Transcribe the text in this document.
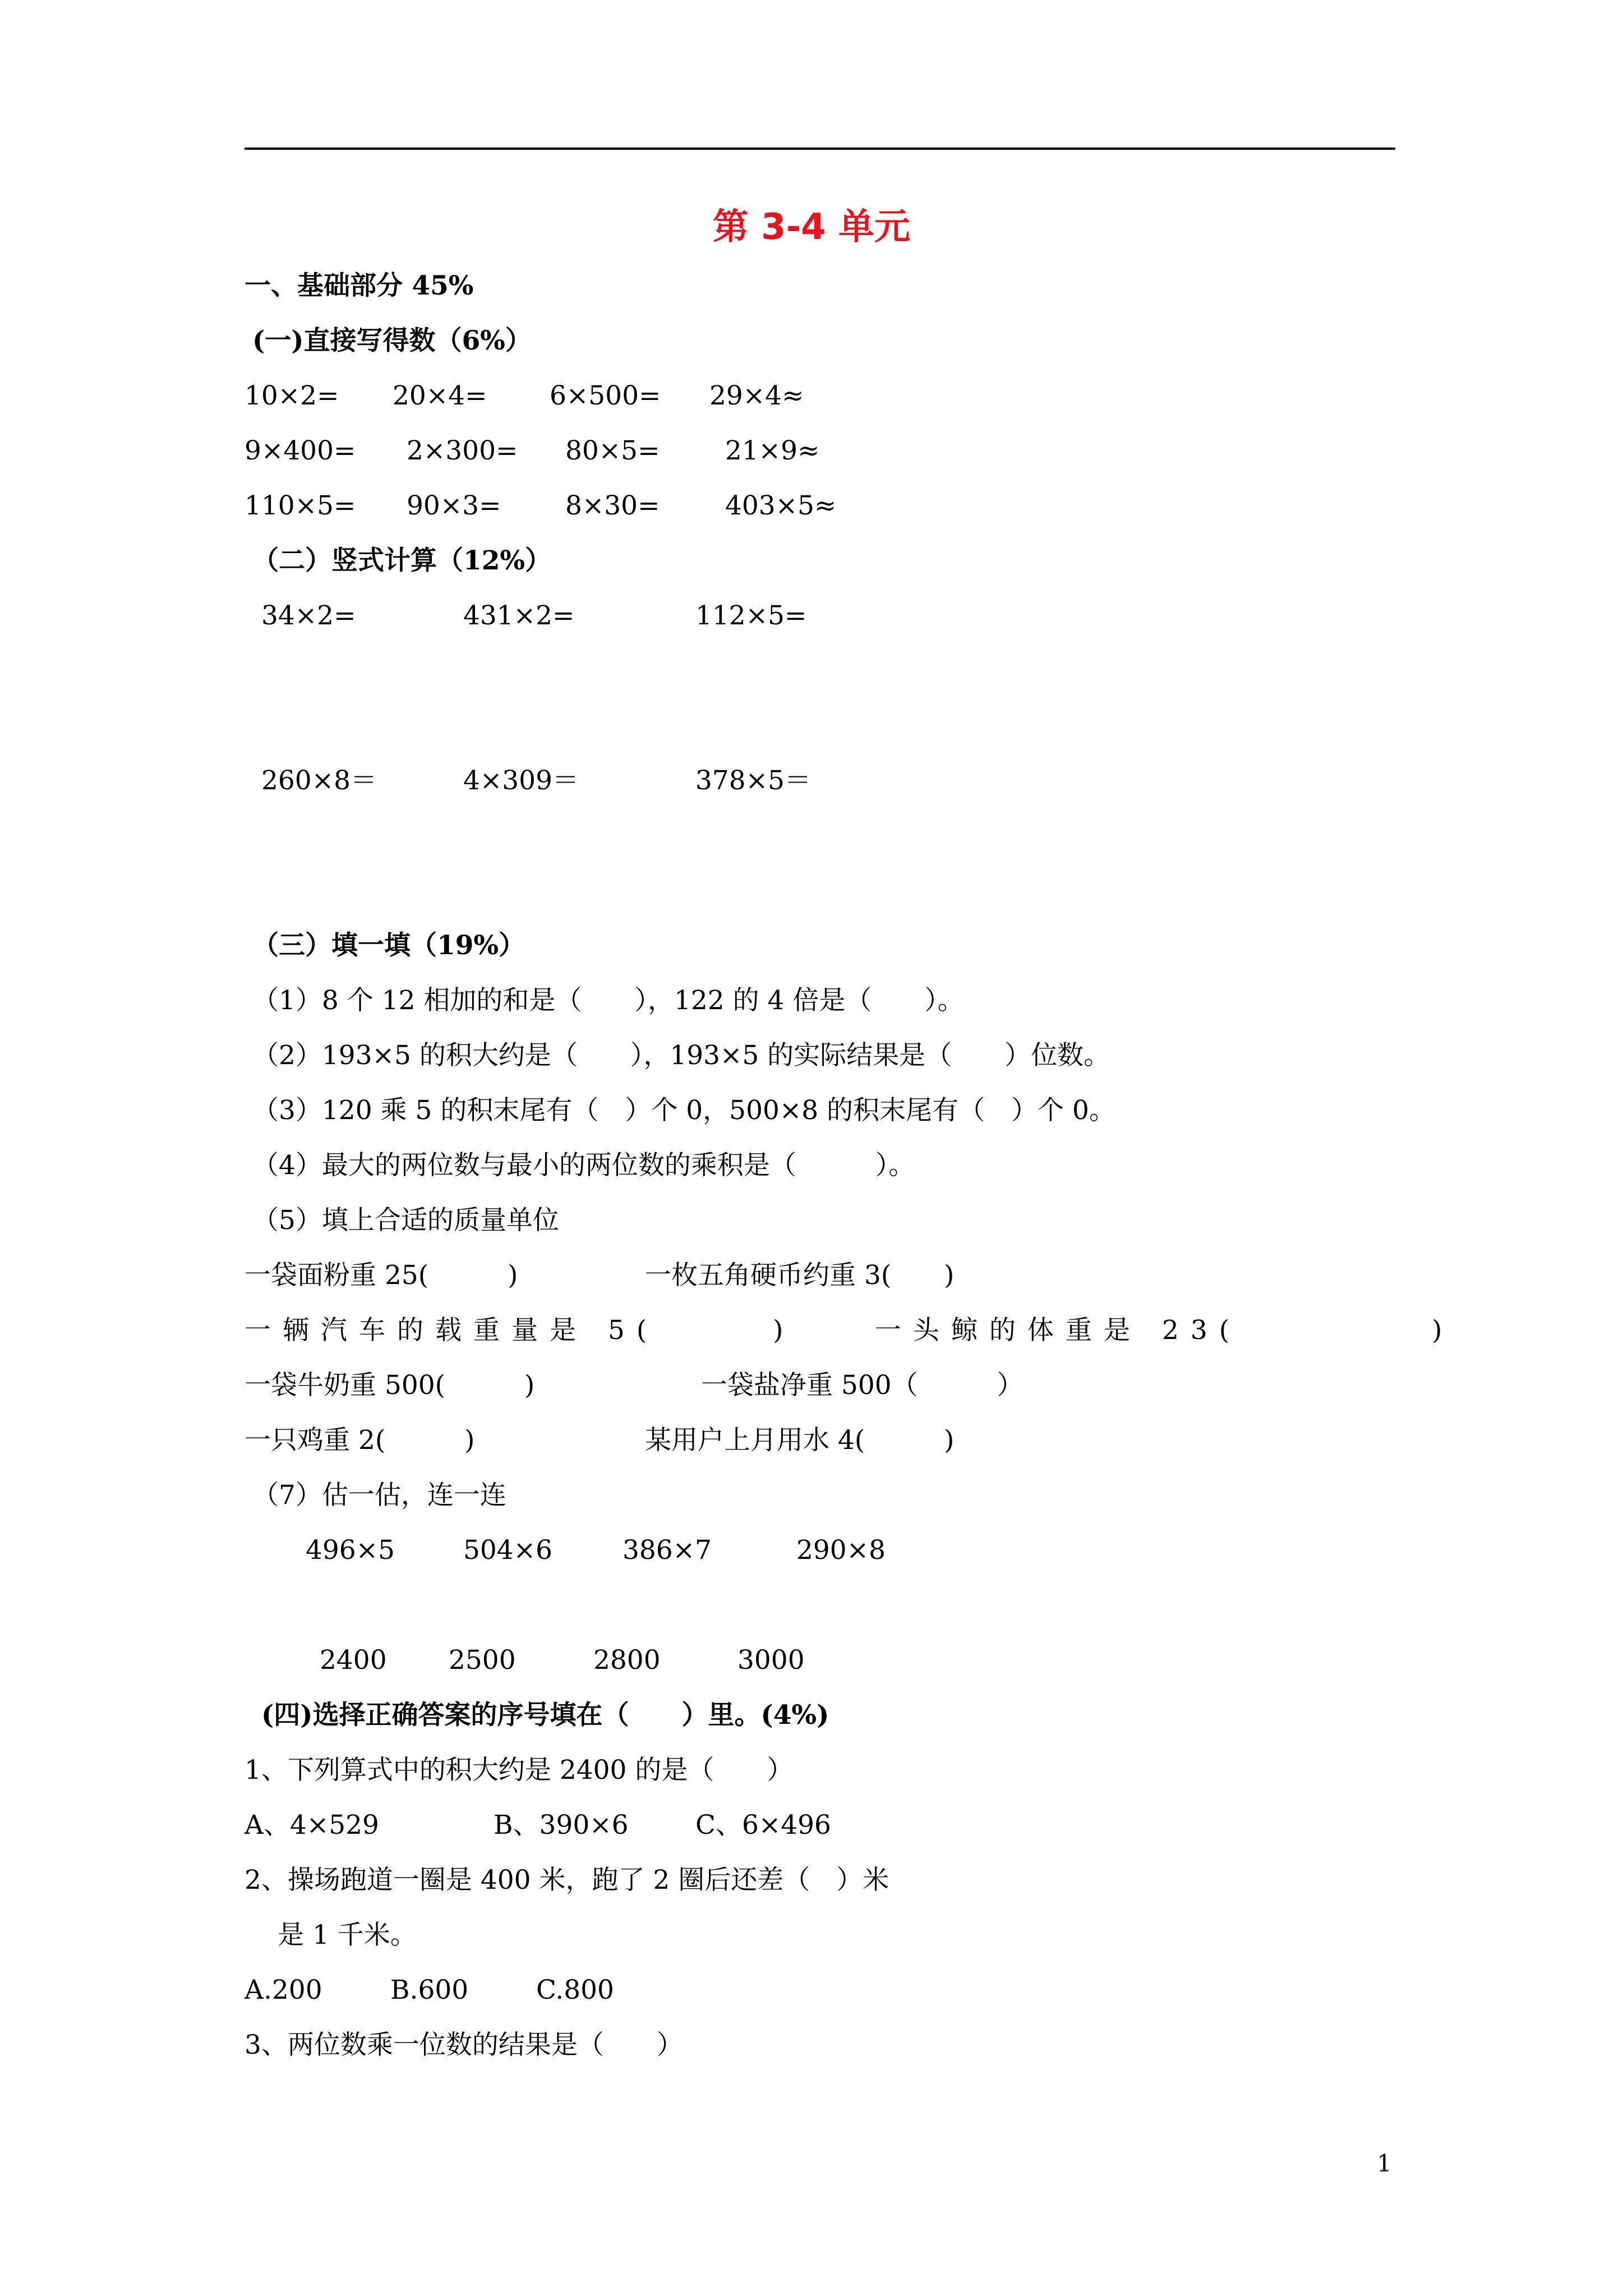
第 3-4 单元
一、基础部分 45%
(一)直接写得数（6%）
10×2= 20×4= 6×500= 29×4≈
9×400= 2×300= 80×5= 21×9≈
110×5= 90×3= 8×30= 403×5≈
（二）竖式计算（12%）
34×2=	431×2=	112×5=
260×8＝	4×309＝	378×5＝
（三）填一填（19%）
（1）8 个 12 相加的和是（　　），122 的 4 倍是（　　）。
（2）193×5 的积大约是（　　），193×5 的实际结果是（　　）位数。
（3）120 乘 5 的积末尾有（　）个 0，500×8 的积末尾有（　）个 0。
（4）最大的两位数与最小的两位数的乘积是（　　　）。
（5）填上合适的质量单位
一袋面粉重 25(　　　)	一枚五角硬币约重 3(　　)
一辆汽车的载重量是 5(　　　)	一头鲸的体重是 23(　　　　　)
一袋牛奶重 500(　　　)	一袋盐净重 500（　　　）
一只鸡重 2(　　　)	某用户上月用水 4(　　　)
（7）估一估，连一连
496×5	504×6	386×7	290×8
2400 2500	2800	3000
(四)选择正确答案的序号填在（　　）里。(4%)
1、下列算式中的积大约是 2400 的是（　　）
A、4×529	B、390×6	C、6×496
2、操场跑道一圈是 400 米，跑了 2 圈后还差（　）米
是 1 千米。
A.200	B.600	C.800
3、两位数乘一位数的结果是（　　）
1
